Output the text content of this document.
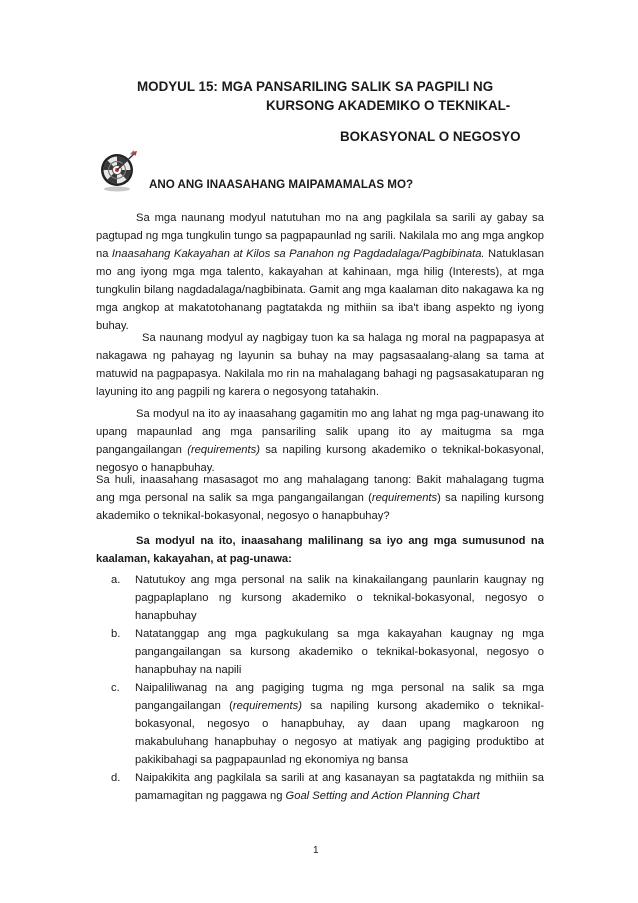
MODYUL 15: MGA PANSARILING SALIK SA PAGPILI NG
KURSONG AKADEMIKO O TEKNIKAL-
BOKASYONAL O NEGOSYO
ANO ANG INAASAHANG MAIPAMAMALAS MO?

Sa mga naunang modyul natutuhan mo na ang pagkilala sa sarili ay gabay sa pagtupad ng mga tungkulin tungo sa pagpapaunlad ng sarili. Nakilala mo ang mga angkop na Inaasahang Kakayahan at Kilos sa Panahon ng Pagdadalaga/Pagbibinata. Natuklasan mo ang iyong mga mga talento, kakayahan at kahinaan, mga hilig (Interests), at mga tungkulin bilang nagdadalaga/nagbibinata. Gamit ang mga kaalaman dito nakagawa ka ng mga angkop at makatotohanang pagtatakda ng mithiin sa iba't ibang aspekto ng iyong buhay.

Sa naunang modyul ay nagbigay tuon ka sa halaga ng moral na pagpapasya at nakagawa ng pahayag ng layunin sa buhay na may pagsasaalang-alang sa tama at matuwid na pagpapasya. Nakilala mo rin na mahalagang bahagi ng pagsasakatuparan ng layuning ito ang pagpili ng karera o negosyong tatahakin.

Sa modyul na ito ay inaasahang gagamitin mo ang lahat ng mga pag-unawang ito upang mapaunlad ang mga pansariling salik upang ito ay maitugma sa mga pangangailangan (requirements) sa napiling kursong akademiko o teknikal-bokasyonal, negosyo o hanapbuhay.

Sa huli, inaasahang masasagot mo ang mahalagang tanong: Bakit mahalagang tugma ang mga personal na salik sa mga pangangailangan (requirements) sa napiling kursong akademiko o teknikal-bokasyonal, negosyo o hanapbuhay?

Sa modyul na ito, inaasahang malilinang sa iyo ang mga sumusunod na kaalaman, kakayahan, at pag-unawa:

a. Natutukoy ang mga personal na salik na kinakailangang paunlarin kaugnay ng pagpaplaplano ng kursong akademiko o teknikal-bokasyonal, negosyo o hanapbuhay
b. Natatanggap ang mga pagkukulang sa mga kakayahan kaugnay ng mga pangangailangan sa kursong akademiko o teknikal-bokasyonal, negosyo o hanapbuhay na napili
c. Naipaliliwanag na ang pagiging tugma ng mga personal na salik sa mga pangangailangan (requirements) sa napiling kursong akademiko o teknikal-bokasyonal, negosyo o hanapbuhay, ay daan upang magkaroon ng makabuluhang hanapbuhay o negosyo at matiyak ang pagiging produktibo at pakikibahagi sa pagpapaunlad ng ekonomiya ng bansa
d. Naipakikita ang pagkilala sa sarili at ang kasanayan sa pagtatakda ng mithiin sa pamamagitan ng paggawa ng Goal Setting and Action Planning Chart
1
